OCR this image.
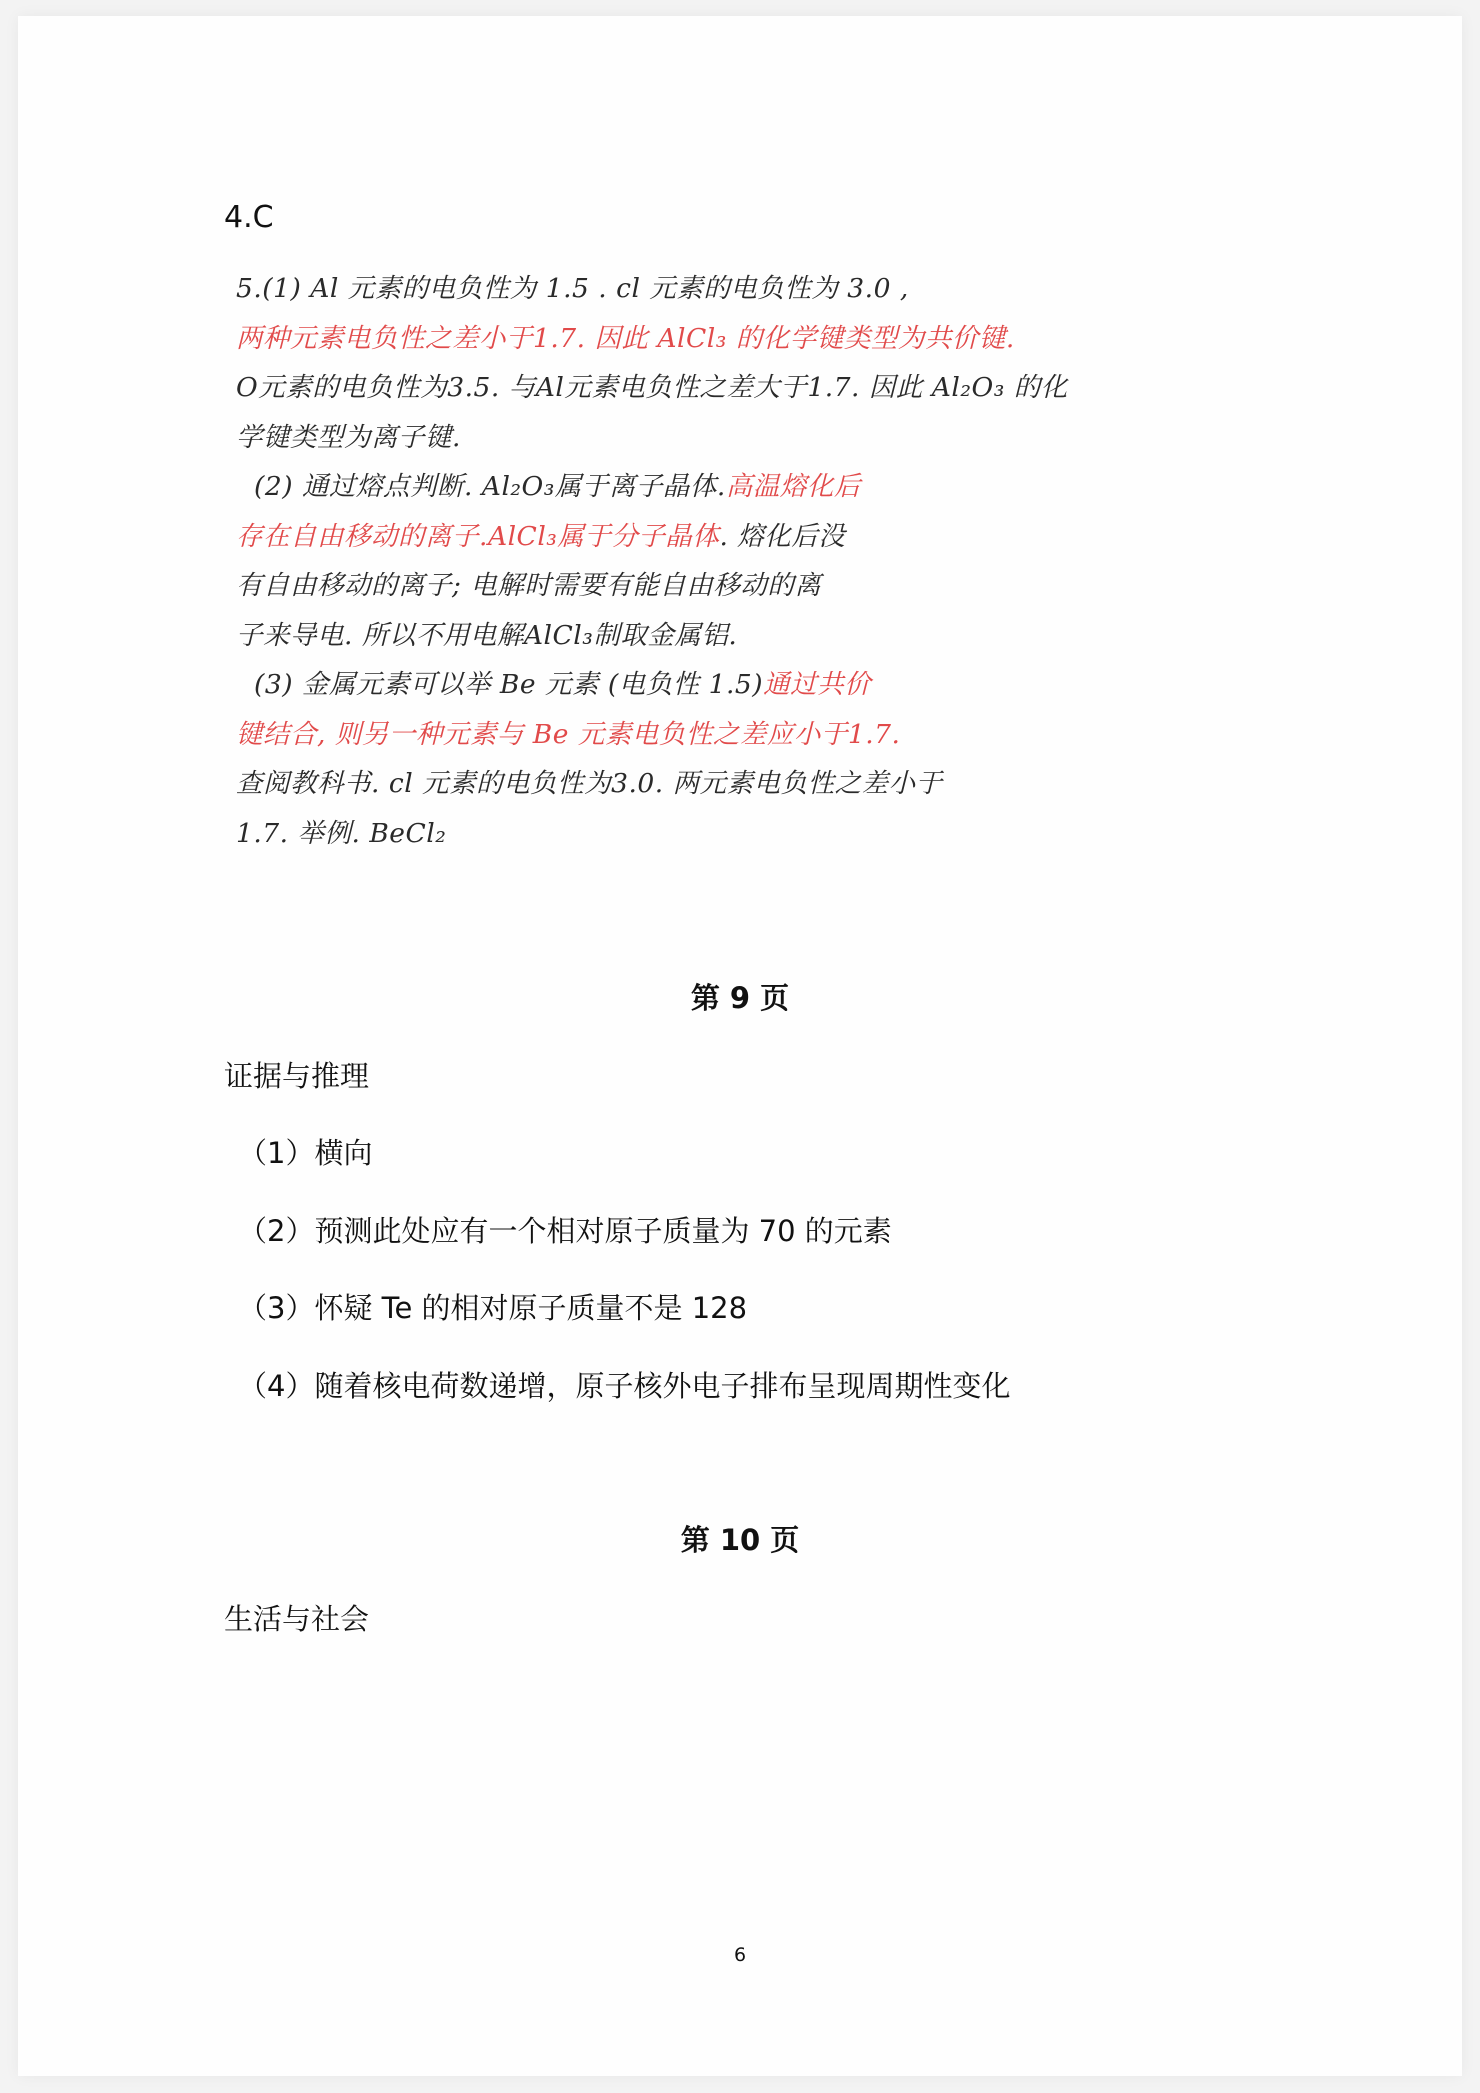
4.C
5.(1) Al 元素的电负性为 1.5 . cl 元素的电负性为 3.0 ,
两种元素电负性之差小于1.7. 因此 AlCl₃ 的化学键类型为共价键.
O元素的电负性为3.5. 与Al元素电负性之差大于1.7. 因此 Al₂O₃ 的化
学键类型为离子键.
(2) 通过熔点判断. Al₂O₃属于离子晶体.高温熔化后
存在自由移动的离子.AlCl₃属于分子晶体. 熔化后没
有自由移动的离子; 电解时需要有能自由移动的离
子来导电. 所以不用电解AlCl₃制取金属铝.
(3) 金属元素可以举 Be 元素 (电负性 1.5)通过共价
键结合, 则另一种元素与 Be 元素电负性之差应小于1.7.
查阅教科书. cl 元素的电负性为3.0. 两元素电负性之差小于
1.7. 举例. BeCl₂
第 9 页
证据与推理
（1）横向
（2）预测此处应有一个相对原子质量为 70 的元素
（3）怀疑 Te 的相对原子质量不是 128
（4）随着核电荷数递增，原子核外电子排布呈现周期性变化
第 10 页
生活与社会
6
